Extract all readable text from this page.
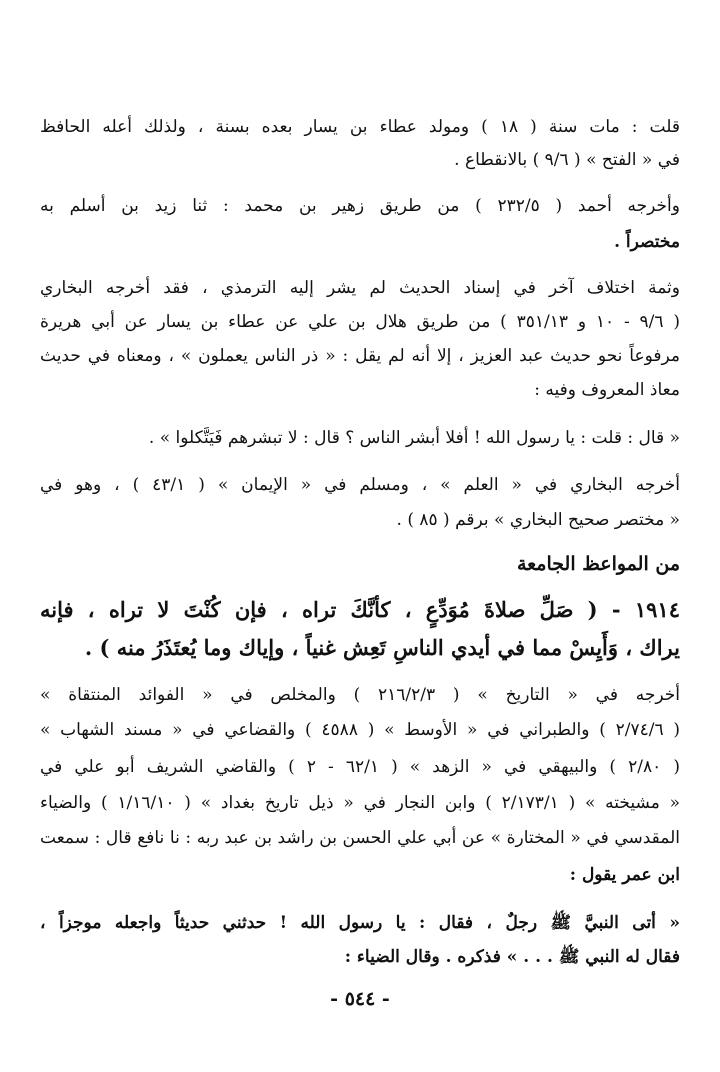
قلت : مات سنة ( ١٨ ) ومولد عطاء بن يسار بعده بسنة ، ولذلك أعله الحافظ
في « الفتح » ( ٩/٦ ) بالانقطاع .
وأخرجه أحمد ( ٢٣٢/٥ ) من طريق زهير بن محمد : ثنا زيد بن أسلم به
مختصراً .
وثمة اختلاف آخر في إسناد الحديث لم يشر إليه الترمذي ، فقد أخرجه البخاري
( ٩/٦ - ١٠ و ٣٥١/١٣ ) من طريق هلال بن علي عن عطاء بن يسار عن أبي هريرة
مرفوعاً نحو حديث عبد العزيز ، إلا أنه لم يقل : « ذر الناس يعملون » ، ومعناه في حديث
معاذ المعروف وفيه :
« قال : قلت : يا رسول الله ! أفلا أبشر الناس ؟ قال : لا تبشرهم فَيَتَّكلوا » .
أخرجه البخاري في « العلم » ، ومسلم في « الإيمان » ( ٤٣/١ ) ، وهو في
« مختصر صحيح البخاري » برقم ( ٨٥ ) .
من المواعظ الجامعة
١٩١٤ - ( صَلِّ صلاةَ مُوَدِّعٍ ، كأنَّكَ تراه ، فإن كُنْتَ لا تراه ، فإنه
يراك ، وَأَيِسْ مما في أيدي الناسِ تَعِش غنياً ، وإياك وما يُعتَذَرُ منه ) .
أخرجه في « التاريخ » ( ٢١٦/٢/٣ ) والمخلص في « الفوائد المنتقاة »
( ٢/٧٤/٦ ) والطبراني في « الأوسط » ( ٤٥٨٨ ) والقضاعي في « مسند الشهاب »
( ٢/٨٠ ) والبيهقي في « الزهد » ( ٦٢/١ - ٢ ) والقاضي الشريف أبو علي في
« مشيخته » ( ٢/١٧٣/١ ) وابن النجار في « ذيل تاريخ بغداد » ( ١/١٦/١٠ ) والضياء
المقدسي في « المختارة » عن أبي علي الحسن بن راشد بن عبد ربه : نا نافع قال : سمعت
ابن عمر يقول :
« أتى النبيَّ ﷺ رجلٌ ، فقال : يا رسول الله ! حدثني حديثاً واجعله موجزاً ،
فقال له النبي ﷺ . . . » فذكره . وقال الضياء :
- ٥٤٤ -
